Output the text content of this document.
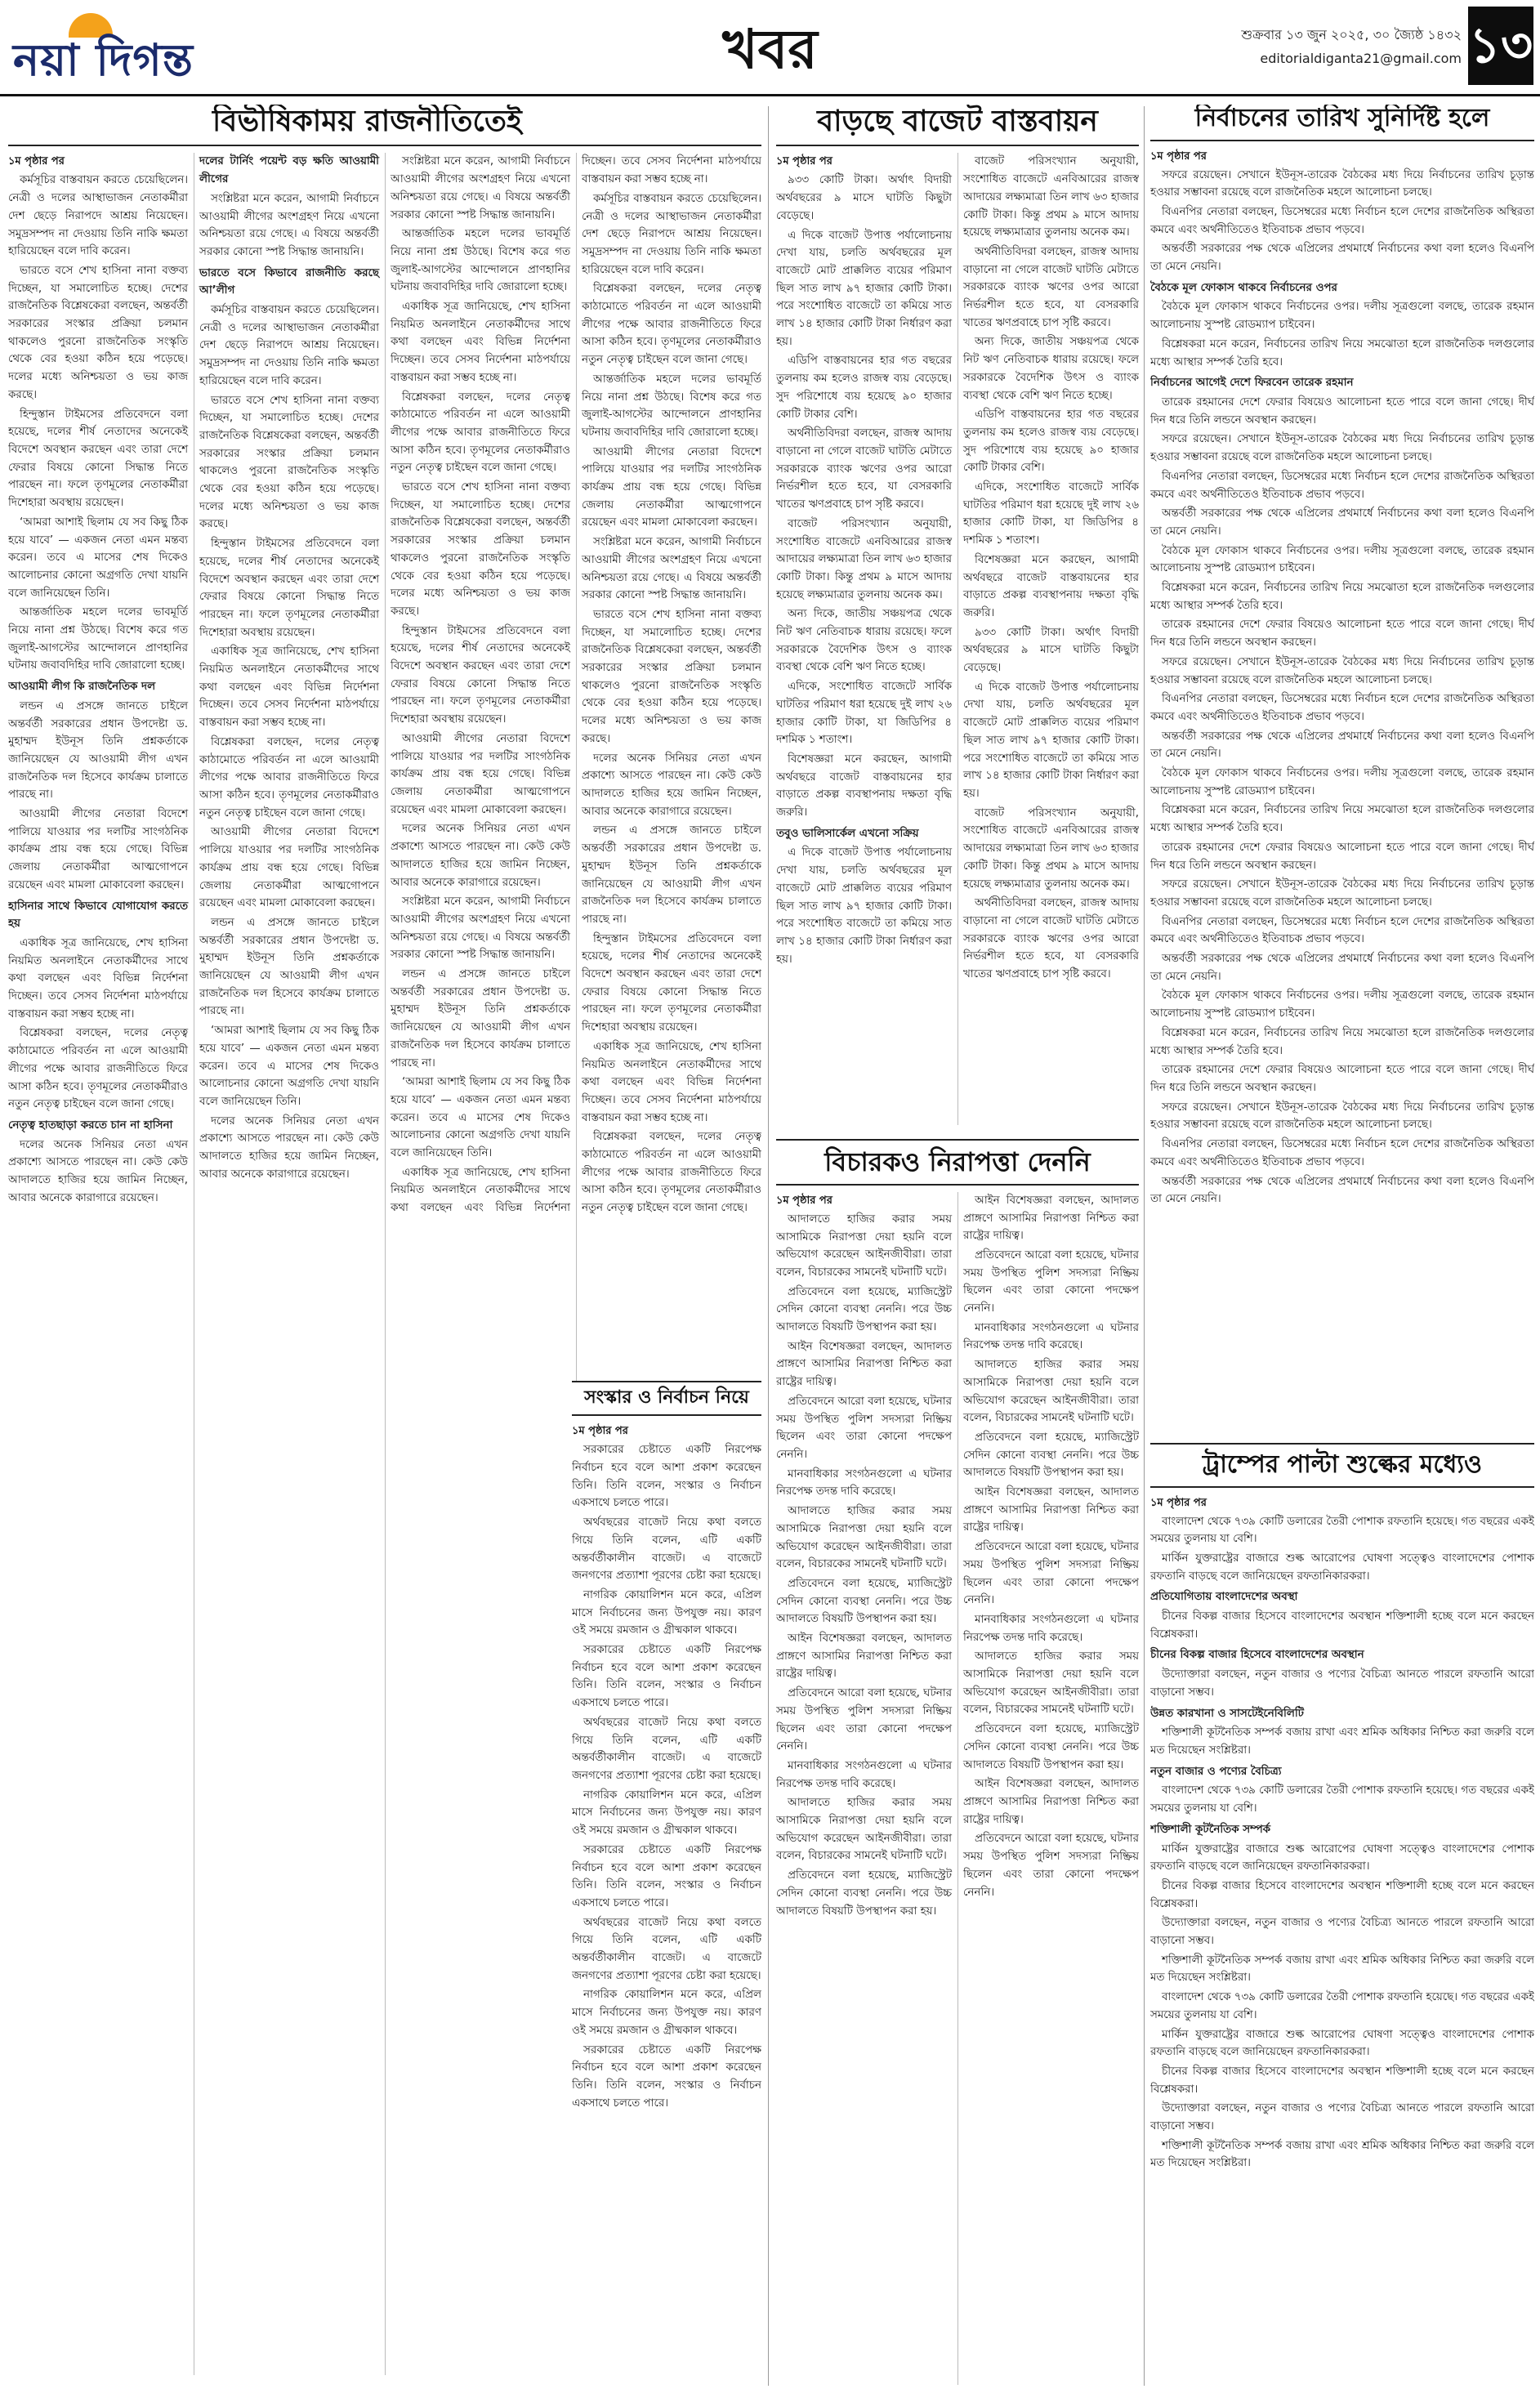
নয়া দিগন্ত	খবর	শুক্রবার ১৩ জুন ২০২৫, ৩০ জ্যৈষ্ঠ ১৪৩২
editorialdiganta21@gmail.com ১৩
বিভীষিকাময় রাজনীতিতেই
১ম পৃষ্ঠার পর

কর্মসূচির বাস্তবায়ন করতে চেয়েছিলেন। নেত্রী ও দলের আস্থাভাজন নেতাকর্মীরা দেশ ছেড়ে নিরাপদে আশ্রয় নিয়েছেন। সমুদ্রসম্পদ না দেওয়ায় তিনি নাকি ক্ষমতা হারিয়েছেন বলে দাবি করেন।

ভারতে বসে শেখ হাসিনা নানা বক্তব্য দিচ্ছেন, যা সমালোচিত হচ্ছে। দেশের রাজনৈতিক বিশ্লেষকেরা বলছেন, অন্তর্বর্তী সরকারের সংস্কার প্রক্রিয়া চলমান থাকলেও পুরনো রাজনৈতিক সংস্কৃতি থেকে বের হওয়া কঠিন হয়ে পড়েছে। দলের মধ্যে অনিশ্চয়তা ও ভয় কাজ করছে।

হিন্দুস্তান টাইমসের প্রতিবেদনে বলা হয়েছে, দলের শীর্ষ নেতাদের অনেকেই বিদেশে অবস্থান করছেন এবং তারা দেশে ফেরার বিষয়ে কোনো সিদ্ধান্ত নিতে পারছেন না। ফলে তৃণমূলের নেতাকর্মীরা দিশেহারা অবস্থায় রয়েছেন।

‘আমরা আশাই ছিলাম যে সব কিছু ঠিক হয়ে যাবে’ — একজন নেতা এমন মন্তব্য করেন। তবে এ মাসের শেষ দিকেও আলোচনার কোনো অগ্রগতি দেখা যায়নি বলে জানিয়েছেন তিনি।

আন্তর্জাতিক মহলে দলের ভাবমূর্তি নিয়ে নানা প্রশ্ন উঠছে। বিশেষ করে গত জুলাই-আগস্টের আন্দোলনে প্রাণহানির ঘটনায় জবাবদিহির দাবি জোরালো হচ্ছে।

আওয়ামী লীগ কি রাজনৈতিক দল

লন্ডন এ প্রসঙ্গে জানতে চাইলে অন্তর্বর্তী সরকারের প্রধান উপদেষ্টা ড. মুহাম্মদ ইউনূস তিনি প্রশ্নকর্তাকে জানিয়েছেন যে আওয়ামী লীগ এখন রাজনৈতিক দল হিসেবে কার্যক্রম চালাতে পারছে না।

আওয়ামী লীগের নেতারা বিদেশে পালিয়ে যাওয়ার পর দলটির সাংগঠনিক কার্যক্রম প্রায় বন্ধ হয়ে গেছে। বিভিন্ন জেলায় নেতাকর্মীরা আত্মগোপনে রয়েছেন এবং মামলা মোকাবেলা করছেন।

হাসিনার সাথে কিভাবে যোগাযোগ করতে হয়

একাধিক সূত্র জানিয়েছে, শেখ হাসিনা নিয়মিত অনলাইনে নেতাকর্মীদের সাথে কথা বলছেন এবং বিভিন্ন নির্দেশনা দিচ্ছেন। তবে সেসব নির্দেশনা মাঠপর্যায়ে বাস্তবায়ন করা সম্ভব হচ্ছে না।

বিশ্লেষকরা বলছেন, দলের নেতৃত্ব কাঠামোতে পরিবর্তন না এলে আওয়ামী লীগের পক্ষে আবার রাজনীতিতে ফিরে আসা কঠিন হবে। তৃণমূলের নেতাকর্মীরাও নতুন নেতৃত্ব চাইছেন বলে জানা গেছে।

নেতৃত্ব হাতছাড়া করতে চান না হাসিনা

দলের অনেক সিনিয়র নেতা এখন প্রকাশ্যে আসতে পারছেন না। কেউ কেউ আদালতে হাজির হয়ে জামিন নিচ্ছেন, আবার অনেকে কারাগারে রয়েছেন।

দলের টার্নিং পয়েন্ট বড় ক্ষতি আওয়ামী লীগের

সংশ্লিষ্টরা মনে করেন, আগামী নির্বাচনে আওয়ামী লীগের অংশগ্রহণ নিয়ে এখনো অনিশ্চয়তা রয়ে গেছে। এ বিষয়ে অন্তর্বর্তী সরকার কোনো স্পষ্ট সিদ্ধান্ত জানায়নি।

ভারতে বসে কিভাবে রাজনীতি করছে আ’লীগ

কর্মসূচির বাস্তবায়ন করতে চেয়েছিলেন। নেত্রী ও দলের আস্থাভাজন নেতাকর্মীরা দেশ ছেড়ে নিরাপদে আশ্রয় নিয়েছেন। সমুদ্রসম্পদ না দেওয়ায় তিনি নাকি ক্ষমতা হারিয়েছেন বলে দাবি করেন।

ভারতে বসে শেখ হাসিনা নানা বক্তব্য দিচ্ছেন, যা সমালোচিত হচ্ছে। দেশের রাজনৈতিক বিশ্লেষকেরা বলছেন, অন্তর্বর্তী সরকারের সংস্কার প্রক্রিয়া চলমান থাকলেও পুরনো রাজনৈতিক সংস্কৃতি থেকে বের হওয়া কঠিন হয়ে পড়েছে। দলের মধ্যে অনিশ্চয়তা ও ভয় কাজ করছে।

হিন্দুস্তান টাইমসের প্রতিবেদনে বলা হয়েছে, দলের শীর্ষ নেতাদের অনেকেই বিদেশে অবস্থান করছেন এবং তারা দেশে ফেরার বিষয়ে কোনো সিদ্ধান্ত নিতে পারছেন না। ফলে তৃণমূলের নেতাকর্মীরা দিশেহারা অবস্থায় রয়েছেন।

একাধিক সূত্র জানিয়েছে, শেখ হাসিনা নিয়মিত অনলাইনে নেতাকর্মীদের সাথে কথা বলছেন এবং বিভিন্ন নির্দেশনা দিচ্ছেন। তবে সেসব নির্দেশনা মাঠপর্যায়ে বাস্তবায়ন করা সম্ভব হচ্ছে না।

বিশ্লেষকরা বলছেন, দলের নেতৃত্ব কাঠামোতে পরিবর্তন না এলে আওয়ামী লীগের পক্ষে আবার রাজনীতিতে ফিরে আসা কঠিন হবে। তৃণমূলের নেতাকর্মীরাও নতুন নেতৃত্ব চাইছেন বলে জানা গেছে।

আওয়ামী লীগের নেতারা বিদেশে পালিয়ে যাওয়ার পর দলটির সাংগঠনিক কার্যক্রম প্রায় বন্ধ হয়ে গেছে। বিভিন্ন জেলায় নেতাকর্মীরা আত্মগোপনে রয়েছেন এবং মামলা মোকাবেলা করছেন।

লন্ডন এ প্রসঙ্গে জানতে চাইলে অন্তর্বর্তী সরকারের প্রধান উপদেষ্টা ড. মুহাম্মদ ইউনূস তিনি প্রশ্নকর্তাকে জানিয়েছেন যে আওয়ামী লীগ এখন রাজনৈতিক দল হিসেবে কার্যক্রম চালাতে পারছে না।

‘আমরা আশাই ছিলাম যে সব কিছু ঠিক হয়ে যাবে’ — একজন নেতা এমন মন্তব্য করেন। তবে এ মাসের শেষ দিকেও আলোচনার কোনো অগ্রগতি দেখা যায়নি বলে জানিয়েছেন তিনি।

দলের অনেক সিনিয়র নেতা এখন প্রকাশ্যে আসতে পারছেন না। কেউ কেউ আদালতে হাজির হয়ে জামিন নিচ্ছেন, আবার অনেকে কারাগারে রয়েছেন।

সংশ্লিষ্টরা মনে করেন, আগামী নির্বাচনে আওয়ামী লীগের অংশগ্রহণ নিয়ে এখনো অনিশ্চয়তা রয়ে গেছে। এ বিষয়ে অন্তর্বর্তী সরকার কোনো স্পষ্ট সিদ্ধান্ত জানায়নি।

আন্তর্জাতিক মহলে দলের ভাবমূর্তি নিয়ে নানা প্রশ্ন উঠছে। বিশেষ করে গত জুলাই-আগস্টের আন্দোলনে প্রাণহানির ঘটনায় জবাবদিহির দাবি জোরালো হচ্ছে।

একাধিক সূত্র জানিয়েছে, শেখ হাসিনা নিয়মিত অনলাইনে নেতাকর্মীদের সাথে কথা বলছেন এবং বিভিন্ন নির্দেশনা দিচ্ছেন। তবে সেসব নির্দেশনা মাঠপর্যায়ে বাস্তবায়ন করা সম্ভব হচ্ছে না।

বিশ্লেষকরা বলছেন, দলের নেতৃত্ব কাঠামোতে পরিবর্তন না এলে আওয়ামী লীগের পক্ষে আবার রাজনীতিতে ফিরে আসা কঠিন হবে। তৃণমূলের নেতাকর্মীরাও নতুন নেতৃত্ব চাইছেন বলে জানা গেছে।

ভারতে বসে শেখ হাসিনা নানা বক্তব্য দিচ্ছেন, যা সমালোচিত হচ্ছে। দেশের রাজনৈতিক বিশ্লেষকেরা বলছেন, অন্তর্বর্তী সরকারের সংস্কার প্রক্রিয়া চলমান থাকলেও পুরনো রাজনৈতিক সংস্কৃতি থেকে বের হওয়া কঠিন হয়ে পড়েছে। দলের মধ্যে অনিশ্চয়তা ও ভয় কাজ করছে।

হিন্দুস্তান টাইমসের প্রতিবেদনে বলা হয়েছে, দলের শীর্ষ নেতাদের অনেকেই বিদেশে অবস্থান করছেন এবং তারা দেশে ফেরার বিষয়ে কোনো সিদ্ধান্ত নিতে পারছেন না। ফলে তৃণমূলের নেতাকর্মীরা দিশেহারা অবস্থায় রয়েছেন।

আওয়ামী লীগের নেতারা বিদেশে পালিয়ে যাওয়ার পর দলটির সাংগঠনিক কার্যক্রম প্রায় বন্ধ হয়ে গেছে। বিভিন্ন জেলায় নেতাকর্মীরা আত্মগোপনে রয়েছেন এবং মামলা মোকাবেলা করছেন।

দলের অনেক সিনিয়র নেতা এখন প্রকাশ্যে আসতে পারছেন না। কেউ কেউ আদালতে হাজির হয়ে জামিন নিচ্ছেন, আবার অনেকে কারাগারে রয়েছেন।

সংশ্লিষ্টরা মনে করেন, আগামী নির্বাচনে আওয়ামী লীগের অংশগ্রহণ নিয়ে এখনো অনিশ্চয়তা রয়ে গেছে। এ বিষয়ে অন্তর্বর্তী সরকার কোনো স্পষ্ট সিদ্ধান্ত জানায়নি।

লন্ডন এ প্রসঙ্গে জানতে চাইলে অন্তর্বর্তী সরকারের প্রধান উপদেষ্টা ড. মুহাম্মদ ইউনূস তিনি প্রশ্নকর্তাকে জানিয়েছেন যে আওয়ামী লীগ এখন রাজনৈতিক দল হিসেবে কার্যক্রম চালাতে পারছে না।

‘আমরা আশাই ছিলাম যে সব কিছু ঠিক হয়ে যাবে’ — একজন নেতা এমন মন্তব্য করেন। তবে এ মাসের শেষ দিকেও আলোচনার কোনো অগ্রগতি দেখা যায়নি বলে জানিয়েছেন তিনি।

একাধিক সূত্র জানিয়েছে, শেখ হাসিনা নিয়মিত অনলাইনে নেতাকর্মীদের সাথে কথা বলছেন এবং বিভিন্ন নির্দেশনা দিচ্ছেন। তবে সেসব নির্দেশনা মাঠপর্যায়ে বাস্তবায়ন করা সম্ভব হচ্ছে না।

কর্মসূচির বাস্তবায়ন করতে চেয়েছিলেন। নেত্রী ও দলের আস্থাভাজন নেতাকর্মীরা দেশ ছেড়ে নিরাপদে আশ্রয় নিয়েছেন। সমুদ্রসম্পদ না দেওয়ায় তিনি নাকি ক্ষমতা হারিয়েছেন বলে দাবি করেন।

বিশ্লেষকরা বলছেন, দলের নেতৃত্ব কাঠামোতে পরিবর্তন না এলে আওয়ামী লীগের পক্ষে আবার রাজনীতিতে ফিরে আসা কঠিন হবে। তৃণমূলের নেতাকর্মীরাও নতুন নেতৃত্ব চাইছেন বলে জানা গেছে।

আন্তর্জাতিক মহলে দলের ভাবমূর্তি নিয়ে নানা প্রশ্ন উঠছে। বিশেষ করে গত জুলাই-আগস্টের আন্দোলনে প্রাণহানির ঘটনায় জবাবদিহির দাবি জোরালো হচ্ছে।

আওয়ামী লীগের নেতারা বিদেশে পালিয়ে যাওয়ার পর দলটির সাংগঠনিক কার্যক্রম প্রায় বন্ধ হয়ে গেছে। বিভিন্ন জেলায় নেতাকর্মীরা আত্মগোপনে রয়েছেন এবং মামলা মোকাবেলা করছেন।

সংশ্লিষ্টরা মনে করেন, আগামী নির্বাচনে আওয়ামী লীগের অংশগ্রহণ নিয়ে এখনো অনিশ্চয়তা রয়ে গেছে। এ বিষয়ে অন্তর্বর্তী সরকার কোনো স্পষ্ট সিদ্ধান্ত জানায়নি।

ভারতে বসে শেখ হাসিনা নানা বক্তব্য দিচ্ছেন, যা সমালোচিত হচ্ছে। দেশের রাজনৈতিক বিশ্লেষকেরা বলছেন, অন্তর্বর্তী সরকারের সংস্কার প্রক্রিয়া চলমান থাকলেও পুরনো রাজনৈতিক সংস্কৃতি থেকে বের হওয়া কঠিন হয়ে পড়েছে। দলের মধ্যে অনিশ্চয়তা ও ভয় কাজ করছে।

দলের অনেক সিনিয়র নেতা এখন প্রকাশ্যে আসতে পারছেন না। কেউ কেউ আদালতে হাজির হয়ে জামিন নিচ্ছেন, আবার অনেকে কারাগারে রয়েছেন।

লন্ডন এ প্রসঙ্গে জানতে চাইলে অন্তর্বর্তী সরকারের প্রধান উপদেষ্টা ড. মুহাম্মদ ইউনূস তিনি প্রশ্নকর্তাকে জানিয়েছেন যে আওয়ামী লীগ এখন রাজনৈতিক দল হিসেবে কার্যক্রম চালাতে পারছে না।

হিন্দুস্তান টাইমসের প্রতিবেদনে বলা হয়েছে, দলের শীর্ষ নেতাদের অনেকেই বিদেশে অবস্থান করছেন এবং তারা দেশে ফেরার বিষয়ে কোনো সিদ্ধান্ত নিতে পারছেন না। ফলে তৃণমূলের নেতাকর্মীরা দিশেহারা অবস্থায় রয়েছেন।

একাধিক সূত্র জানিয়েছে, শেখ হাসিনা নিয়মিত অনলাইনে নেতাকর্মীদের সাথে কথা বলছেন এবং বিভিন্ন নির্দেশনা দিচ্ছেন। তবে সেসব নির্দেশনা মাঠপর্যায়ে বাস্তবায়ন করা সম্ভব হচ্ছে না।

বিশ্লেষকরা বলছেন, দলের নেতৃত্ব কাঠামোতে পরিবর্তন না এলে আওয়ামী লীগের পক্ষে আবার রাজনীতিতে ফিরে আসা কঠিন হবে। তৃণমূলের নেতাকর্মীরাও নতুন নেতৃত্ব চাইছেন বলে জানা গেছে।

বাড়ছে বাজেট বাস্তবায়ন
১ম পৃষ্ঠার পর

৯৩৩ কোটি টাকা। অর্থাৎ বিদায়ী অর্থবছরের ৯ মাসে ঘাটতি কিছুটা বেড়েছে।

এ দিকে বাজেট উপাত্ত পর্যালোচনায় দেখা যায়, চলতি অর্থবছরের মূল বাজেটে মোট প্রাক্কলিত ব্যয়ের পরিমাণ ছিল সাত লাখ ৯৭ হাজার কোটি টাকা। পরে সংশোধিত বাজেটে তা কমিয়ে সাত লাখ ১৪ হাজার কোটি টাকা নির্ধারণ করা হয়।

এডিপি বাস্তবায়নের হার গত বছরের তুলনায় কম হলেও রাজস্ব ব্যয় বেড়েছে। সুদ পরিশোধে ব্যয় হয়েছে ৯০ হাজার কোটি টাকার বেশি।

অর্থনীতিবিদরা বলছেন, রাজস্ব আদায় বাড়ানো না গেলে বাজেট ঘাটতি মেটাতে সরকারকে ব্যাংক ঋণের ওপর আরো নির্ভরশীল হতে হবে, যা বেসরকারি খাতের ঋণপ্রবাহে চাপ সৃষ্টি করবে।

বাজেট পরিসংখ্যান অনুযায়ী, সংশোধিত বাজেটে এনবিআরের রাজস্ব আদায়ের লক্ষ্যমাত্রা তিন লাখ ৬৩ হাজার কোটি টাকা। কিন্তু প্রথম ৯ মাসে আদায় হয়েছে লক্ষ্যমাত্রার তুলনায় অনেক কম।

অন্য দিকে, জাতীয় সঞ্চয়পত্র থেকে নিট ঋণ নেতিবাচক ধারায় রয়েছে। ফলে সরকারকে বৈদেশিক উৎস ও ব্যাংক ব্যবস্থা থেকে বেশি ঋণ নিতে হচ্ছে।

এদিকে, সংশোধিত বাজেটে সার্বিক ঘাটতির পরিমাণ ধরা হয়েছে দুই লাখ ২৬ হাজার কোটি টাকা, যা জিডিপির ৪ দশমিক ১ শতাংশ।

বিশেষজ্ঞরা মনে করছেন, আগামী অর্থবছরে বাজেট বাস্তবায়নের হার বাড়াতে প্রকল্প ব্যবস্থাপনায় দক্ষতা বৃদ্ধি জরুরি।

তবুও ভালিসার্কেল এখনো সক্রিয়

এ দিকে বাজেট উপাত্ত পর্যালোচনায় দেখা যায়, চলতি অর্থবছরের মূল বাজেটে মোট প্রাক্কলিত ব্যয়ের পরিমাণ ছিল সাত লাখ ৯৭ হাজার কোটি টাকা। পরে সংশোধিত বাজেটে তা কমিয়ে সাত লাখ ১৪ হাজার কোটি টাকা নির্ধারণ করা হয়।

বাজেট পরিসংখ্যান অনুযায়ী, সংশোধিত বাজেটে এনবিআরের রাজস্ব আদায়ের লক্ষ্যমাত্রা তিন লাখ ৬৩ হাজার কোটি টাকা। কিন্তু প্রথম ৯ মাসে আদায় হয়েছে লক্ষ্যমাত্রার তুলনায় অনেক কম।

অর্থনীতিবিদরা বলছেন, রাজস্ব আদায় বাড়ানো না গেলে বাজেট ঘাটতি মেটাতে সরকারকে ব্যাংক ঋণের ওপর আরো নির্ভরশীল হতে হবে, যা বেসরকারি খাতের ঋণপ্রবাহে চাপ সৃষ্টি করবে।

অন্য দিকে, জাতীয় সঞ্চয়পত্র থেকে নিট ঋণ নেতিবাচক ধারায় রয়েছে। ফলে সরকারকে বৈদেশিক উৎস ও ব্যাংক ব্যবস্থা থেকে বেশি ঋণ নিতে হচ্ছে।

এডিপি বাস্তবায়নের হার গত বছরের তুলনায় কম হলেও রাজস্ব ব্যয় বেড়েছে। সুদ পরিশোধে ব্যয় হয়েছে ৯০ হাজার কোটি টাকার বেশি।

এদিকে, সংশোধিত বাজেটে সার্বিক ঘাটতির পরিমাণ ধরা হয়েছে দুই লাখ ২৬ হাজার কোটি টাকা, যা জিডিপির ৪ দশমিক ১ শতাংশ।

বিশেষজ্ঞরা মনে করছেন, আগামী অর্থবছরে বাজেট বাস্তবায়নের হার বাড়াতে প্রকল্প ব্যবস্থাপনায় দক্ষতা বৃদ্ধি জরুরি।

৯৩৩ কোটি টাকা। অর্থাৎ বিদায়ী অর্থবছরের ৯ মাসে ঘাটতি কিছুটা বেড়েছে।

এ দিকে বাজেট উপাত্ত পর্যালোচনায় দেখা যায়, চলতি অর্থবছরের মূল বাজেটে মোট প্রাক্কলিত ব্যয়ের পরিমাণ ছিল সাত লাখ ৯৭ হাজার কোটি টাকা। পরে সংশোধিত বাজেটে তা কমিয়ে সাত লাখ ১৪ হাজার কোটি টাকা নির্ধারণ করা হয়।

বাজেট পরিসংখ্যান অনুযায়ী, সংশোধিত বাজেটে এনবিআরের রাজস্ব আদায়ের লক্ষ্যমাত্রা তিন লাখ ৬৩ হাজার কোটি টাকা। কিন্তু প্রথম ৯ মাসে আদায় হয়েছে লক্ষ্যমাত্রার তুলনায় অনেক কম।

অর্থনীতিবিদরা বলছেন, রাজস্ব আদায় বাড়ানো না গেলে বাজেট ঘাটতি মেটাতে সরকারকে ব্যাংক ঋণের ওপর আরো নির্ভরশীল হতে হবে, যা বেসরকারি খাতের ঋণপ্রবাহে চাপ সৃষ্টি করবে।

সংস্কার ও নির্বাচন নিয়ে
১ম পৃষ্ঠার পর

সরকারের চেষ্টাতে একটি নিরপেক্ষ নির্বাচন হবে বলে আশা প্রকাশ করেছেন তিনি। তিনি বলেন, সংস্কার ও নির্বাচন একসাথে চলতে পারে।

অর্থবছরের বাজেট নিয়ে কথা বলতে গিয়ে তিনি বলেন, এটি একটি অন্তর্বর্তীকালীন বাজেট। এ বাজেটে জনগণের প্রত্যাশা পূরণের চেষ্টা করা হয়েছে।

নাগরিক কোয়ালিশন মনে করে, এপ্রিল মাসে নির্বাচনের জন্য উপযুক্ত নয়। কারণ ওই সময়ে রমজান ও গ্রীষ্মকাল থাকবে।

সরকারের চেষ্টাতে একটি নিরপেক্ষ নির্বাচন হবে বলে আশা প্রকাশ করেছেন তিনি। তিনি বলেন, সংস্কার ও নির্বাচন একসাথে চলতে পারে।

অর্থবছরের বাজেট নিয়ে কথা বলতে গিয়ে তিনি বলেন, এটি একটি অন্তর্বর্তীকালীন বাজেট। এ বাজেটে জনগণের প্রত্যাশা পূরণের চেষ্টা করা হয়েছে।

নাগরিক কোয়ালিশন মনে করে, এপ্রিল মাসে নির্বাচনের জন্য উপযুক্ত নয়। কারণ ওই সময়ে রমজান ও গ্রীষ্মকাল থাকবে।

সরকারের চেষ্টাতে একটি নিরপেক্ষ নির্বাচন হবে বলে আশা প্রকাশ করেছেন তিনি। তিনি বলেন, সংস্কার ও নির্বাচন একসাথে চলতে পারে।

অর্থবছরের বাজেট নিয়ে কথা বলতে গিয়ে তিনি বলেন, এটি একটি অন্তর্বর্তীকালীন বাজেট। এ বাজেটে জনগণের প্রত্যাশা পূরণের চেষ্টা করা হয়েছে।

নাগরিক কোয়ালিশন মনে করে, এপ্রিল মাসে নির্বাচনের জন্য উপযুক্ত নয়। কারণ ওই সময়ে রমজান ও গ্রীষ্মকাল থাকবে।

সরকারের চেষ্টাতে একটি নিরপেক্ষ নির্বাচন হবে বলে আশা প্রকাশ করেছেন তিনি। তিনি বলেন, সংস্কার ও নির্বাচন একসাথে চলতে পারে।

বিচারকও নিরাপত্তা দেননি
১ম পৃষ্ঠার পর

আদালতে হাজির করার সময় আসামিকে নিরাপত্তা দেয়া হয়নি বলে অভিযোগ করেছেন আইনজীবীরা। তারা বলেন, বিচারকের সামনেই ঘটনাটি ঘটে।

প্রতিবেদনে বলা হয়েছে, ম্যাজিস্ট্রেট সেদিন কোনো ব্যবস্থা নেননি। পরে উচ্চ আদালতে বিষয়টি উপস্থাপন করা হয়।

আইন বিশেষজ্ঞরা বলছেন, আদালত প্রাঙ্গণে আসামির নিরাপত্তা নিশ্চিত করা রাষ্ট্রের দায়িত্ব।

প্রতিবেদনে আরো বলা হয়েছে, ঘটনার সময় উপস্থিত পুলিশ সদস্যরা নিষ্ক্রিয় ছিলেন এবং তারা কোনো পদক্ষেপ নেননি।

মানবাধিকার সংগঠনগুলো এ ঘটনার নিরপেক্ষ তদন্ত দাবি করেছে।

আদালতে হাজির করার সময় আসামিকে নিরাপত্তা দেয়া হয়নি বলে অভিযোগ করেছেন আইনজীবীরা। তারা বলেন, বিচারকের সামনেই ঘটনাটি ঘটে।

প্রতিবেদনে বলা হয়েছে, ম্যাজিস্ট্রেট সেদিন কোনো ব্যবস্থা নেননি। পরে উচ্চ আদালতে বিষয়টি উপস্থাপন করা হয়।

আইন বিশেষজ্ঞরা বলছেন, আদালত প্রাঙ্গণে আসামির নিরাপত্তা নিশ্চিত করা রাষ্ট্রের দায়িত্ব।

প্রতিবেদনে আরো বলা হয়েছে, ঘটনার সময় উপস্থিত পুলিশ সদস্যরা নিষ্ক্রিয় ছিলেন এবং তারা কোনো পদক্ষেপ নেননি।

মানবাধিকার সংগঠনগুলো এ ঘটনার নিরপেক্ষ তদন্ত দাবি করেছে।

আদালতে হাজির করার সময় আসামিকে নিরাপত্তা দেয়া হয়নি বলে অভিযোগ করেছেন আইনজীবীরা। তারা বলেন, বিচারকের সামনেই ঘটনাটি ঘটে।

প্রতিবেদনে বলা হয়েছে, ম্যাজিস্ট্রেট সেদিন কোনো ব্যবস্থা নেননি। পরে উচ্চ আদালতে বিষয়টি উপস্থাপন করা হয়।

আইন বিশেষজ্ঞরা বলছেন, আদালত প্রাঙ্গণে আসামির নিরাপত্তা নিশ্চিত করা রাষ্ট্রের দায়িত্ব।

প্রতিবেদনে আরো বলা হয়েছে, ঘটনার সময় উপস্থিত পুলিশ সদস্যরা নিষ্ক্রিয় ছিলেন এবং তারা কোনো পদক্ষেপ নেননি।

মানবাধিকার সংগঠনগুলো এ ঘটনার নিরপেক্ষ তদন্ত দাবি করেছে।

আদালতে হাজির করার সময় আসামিকে নিরাপত্তা দেয়া হয়নি বলে অভিযোগ করেছেন আইনজীবীরা। তারা বলেন, বিচারকের সামনেই ঘটনাটি ঘটে।

প্রতিবেদনে বলা হয়েছে, ম্যাজিস্ট্রেট সেদিন কোনো ব্যবস্থা নেননি। পরে উচ্চ আদালতে বিষয়টি উপস্থাপন করা হয়।

আইন বিশেষজ্ঞরা বলছেন, আদালত প্রাঙ্গণে আসামির নিরাপত্তা নিশ্চিত করা রাষ্ট্রের দায়িত্ব।

প্রতিবেদনে আরো বলা হয়েছে, ঘটনার সময় উপস্থিত পুলিশ সদস্যরা নিষ্ক্রিয় ছিলেন এবং তারা কোনো পদক্ষেপ নেননি।

মানবাধিকার সংগঠনগুলো এ ঘটনার নিরপেক্ষ তদন্ত দাবি করেছে।

আদালতে হাজির করার সময় আসামিকে নিরাপত্তা দেয়া হয়নি বলে অভিযোগ করেছেন আইনজীবীরা। তারা বলেন, বিচারকের সামনেই ঘটনাটি ঘটে।

প্রতিবেদনে বলা হয়েছে, ম্যাজিস্ট্রেট সেদিন কোনো ব্যবস্থা নেননি। পরে উচ্চ আদালতে বিষয়টি উপস্থাপন করা হয়।

আইন বিশেষজ্ঞরা বলছেন, আদালত প্রাঙ্গণে আসামির নিরাপত্তা নিশ্চিত করা রাষ্ট্রের দায়িত্ব।

প্রতিবেদনে আরো বলা হয়েছে, ঘটনার সময় উপস্থিত পুলিশ সদস্যরা নিষ্ক্রিয় ছিলেন এবং তারা কোনো পদক্ষেপ নেননি।

নির্বাচনের তারিখ সুনির্দিষ্ট হলে
১ম পৃষ্ঠার পর

সফরে রয়েছেন। সেখানে ইউনূস-তারেক বৈঠকের মধ্য দিয়ে নির্বাচনের তারিখ চূড়ান্ত হওয়ার সম্ভাবনা রয়েছে বলে রাজনৈতিক মহলে আলোচনা চলছে।

বিএনপির নেতারা বলছেন, ডিসেম্বরের মধ্যে নির্বাচন হলে দেশের রাজনৈতিক অস্থিরতা কমবে এবং অর্থনীতিতেও ইতিবাচক প্রভাব পড়বে।

অন্তর্বর্তী সরকারের পক্ষ থেকে এপ্রিলের প্রথমার্ধে নির্বাচনের কথা বলা হলেও বিএনপি তা মেনে নেয়নি।

বৈঠকে মূল ফোকাস থাকবে নির্বাচনের ওপর

বৈঠকে মূল ফোকাস থাকবে নির্বাচনের ওপর। দলীয় সূত্রগুলো বলছে, তারেক রহমান আলোচনায় সুস্পষ্ট রোডম্যাপ চাইবেন।

বিশ্লেষকরা মনে করেন, নির্বাচনের তারিখ নিয়ে সমঝোতা হলে রাজনৈতিক দলগুলোর মধ্যে আস্থার সম্পর্ক তৈরি হবে।

নির্বাচনের আগেই দেশে ফিরবেন তারেক রহমান

তারেক রহমানের দেশে ফেরার বিষয়েও আলোচনা হতে পারে বলে জানা গেছে। দীর্ঘ দিন ধরে তিনি লন্ডনে অবস্থান করছেন।

সফরে রয়েছেন। সেখানে ইউনূস-তারেক বৈঠকের মধ্য দিয়ে নির্বাচনের তারিখ চূড়ান্ত হওয়ার সম্ভাবনা রয়েছে বলে রাজনৈতিক মহলে আলোচনা চলছে।

বিএনপির নেতারা বলছেন, ডিসেম্বরের মধ্যে নির্বাচন হলে দেশের রাজনৈতিক অস্থিরতা কমবে এবং অর্থনীতিতেও ইতিবাচক প্রভাব পড়বে।

অন্তর্বর্তী সরকারের পক্ষ থেকে এপ্রিলের প্রথমার্ধে নির্বাচনের কথা বলা হলেও বিএনপি তা মেনে নেয়নি।

বৈঠকে মূল ফোকাস থাকবে নির্বাচনের ওপর। দলীয় সূত্রগুলো বলছে, তারেক রহমান আলোচনায় সুস্পষ্ট রোডম্যাপ চাইবেন।

বিশ্লেষকরা মনে করেন, নির্বাচনের তারিখ নিয়ে সমঝোতা হলে রাজনৈতিক দলগুলোর মধ্যে আস্থার সম্পর্ক তৈরি হবে।

তারেক রহমানের দেশে ফেরার বিষয়েও আলোচনা হতে পারে বলে জানা গেছে। দীর্ঘ দিন ধরে তিনি লন্ডনে অবস্থান করছেন।

সফরে রয়েছেন। সেখানে ইউনূস-তারেক বৈঠকের মধ্য দিয়ে নির্বাচনের তারিখ চূড়ান্ত হওয়ার সম্ভাবনা রয়েছে বলে রাজনৈতিক মহলে আলোচনা চলছে।

বিএনপির নেতারা বলছেন, ডিসেম্বরের মধ্যে নির্বাচন হলে দেশের রাজনৈতিক অস্থিরতা কমবে এবং অর্থনীতিতেও ইতিবাচক প্রভাব পড়বে।

অন্তর্বর্তী সরকারের পক্ষ থেকে এপ্রিলের প্রথমার্ধে নির্বাচনের কথা বলা হলেও বিএনপি তা মেনে নেয়নি।

বৈঠকে মূল ফোকাস থাকবে নির্বাচনের ওপর। দলীয় সূত্রগুলো বলছে, তারেক রহমান আলোচনায় সুস্পষ্ট রোডম্যাপ চাইবেন।

বিশ্লেষকরা মনে করেন, নির্বাচনের তারিখ নিয়ে সমঝোতা হলে রাজনৈতিক দলগুলোর মধ্যে আস্থার সম্পর্ক তৈরি হবে।

তারেক রহমানের দেশে ফেরার বিষয়েও আলোচনা হতে পারে বলে জানা গেছে। দীর্ঘ দিন ধরে তিনি লন্ডনে অবস্থান করছেন।

সফরে রয়েছেন। সেখানে ইউনূস-তারেক বৈঠকের মধ্য দিয়ে নির্বাচনের তারিখ চূড়ান্ত হওয়ার সম্ভাবনা রয়েছে বলে রাজনৈতিক মহলে আলোচনা চলছে।

বিএনপির নেতারা বলছেন, ডিসেম্বরের মধ্যে নির্বাচন হলে দেশের রাজনৈতিক অস্থিরতা কমবে এবং অর্থনীতিতেও ইতিবাচক প্রভাব পড়বে।

অন্তর্বর্তী সরকারের পক্ষ থেকে এপ্রিলের প্রথমার্ধে নির্বাচনের কথা বলা হলেও বিএনপি তা মেনে নেয়নি।

বৈঠকে মূল ফোকাস থাকবে নির্বাচনের ওপর। দলীয় সূত্রগুলো বলছে, তারেক রহমান আলোচনায় সুস্পষ্ট রোডম্যাপ চাইবেন।

বিশ্লেষকরা মনে করেন, নির্বাচনের তারিখ নিয়ে সমঝোতা হলে রাজনৈতিক দলগুলোর মধ্যে আস্থার সম্পর্ক তৈরি হবে।

তারেক রহমানের দেশে ফেরার বিষয়েও আলোচনা হতে পারে বলে জানা গেছে। দীর্ঘ দিন ধরে তিনি লন্ডনে অবস্থান করছেন।

সফরে রয়েছেন। সেখানে ইউনূস-তারেক বৈঠকের মধ্য দিয়ে নির্বাচনের তারিখ চূড়ান্ত হওয়ার সম্ভাবনা রয়েছে বলে রাজনৈতিক মহলে আলোচনা চলছে।

বিএনপির নেতারা বলছেন, ডিসেম্বরের মধ্যে নির্বাচন হলে দেশের রাজনৈতিক অস্থিরতা কমবে এবং অর্থনীতিতেও ইতিবাচক প্রভাব পড়বে।

অন্তর্বর্তী সরকারের পক্ষ থেকে এপ্রিলের প্রথমার্ধে নির্বাচনের কথা বলা হলেও বিএনপি তা মেনে নেয়নি।

ট্রাম্পের পাল্টা শুল্কের মধ্যেও
১ম পৃষ্ঠার পর

বাংলাদেশ থেকে ৭৩৯ কোটি ডলারের তৈরী পোশাক রফতানি হয়েছে। গত বছরের একই সময়ের তুলনায় যা বেশি।

মার্কিন যুক্তরাষ্ট্রের বাজারে শুল্ক আরোপের ঘোষণা সত্ত্বেও বাংলাদেশের পোশাক রফতানি বাড়ছে বলে জানিয়েছেন রফতানিকারকরা।

প্রতিযোগিতায় বাংলাদেশের অবস্থা

চীনের বিকল্প বাজার হিসেবে বাংলাদেশের অবস্থান শক্তিশালী হচ্ছে বলে মনে করছেন বিশ্লেষকরা।

চীনের বিকল্প বাজার হিসেবে বাংলাদেশের অবস্থান

উদ্যোক্তারা বলছেন, নতুন বাজার ও পণ্যের বৈচিত্র্য আনতে পারলে রফতানি আরো বাড়ানো সম্ভব।

উন্নত কারখানা ও সাসটেইনেবিলিটি

শক্তিশালী কূটনৈতিক সম্পর্ক বজায় রাখা এবং শ্রমিক অধিকার নিশ্চিত করা জরুরি বলে মত দিয়েছেন সংশ্লিষ্টরা।

নতুন বাজার ও পণ্যের বৈচিত্র্য

বাংলাদেশ থেকে ৭৩৯ কোটি ডলারের তৈরী পোশাক রফতানি হয়েছে। গত বছরের একই সময়ের তুলনায় যা বেশি।

শক্তিশালী কূটনৈতিক সম্পর্ক

মার্কিন যুক্তরাষ্ট্রের বাজারে শুল্ক আরোপের ঘোষণা সত্ত্বেও বাংলাদেশের পোশাক রফতানি বাড়ছে বলে জানিয়েছেন রফতানিকারকরা।

চীনের বিকল্প বাজার হিসেবে বাংলাদেশের অবস্থান শক্তিশালী হচ্ছে বলে মনে করছেন বিশ্লেষকরা।

উদ্যোক্তারা বলছেন, নতুন বাজার ও পণ্যের বৈচিত্র্য আনতে পারলে রফতানি আরো বাড়ানো সম্ভব।

শক্তিশালী কূটনৈতিক সম্পর্ক বজায় রাখা এবং শ্রমিক অধিকার নিশ্চিত করা জরুরি বলে মত দিয়েছেন সংশ্লিষ্টরা।

বাংলাদেশ থেকে ৭৩৯ কোটি ডলারের তৈরী পোশাক রফতানি হয়েছে। গত বছরের একই সময়ের তুলনায় যা বেশি।

মার্কিন যুক্তরাষ্ট্রের বাজারে শুল্ক আরোপের ঘোষণা সত্ত্বেও বাংলাদেশের পোশাক রফতানি বাড়ছে বলে জানিয়েছেন রফতানিকারকরা।

চীনের বিকল্প বাজার হিসেবে বাংলাদেশের অবস্থান শক্তিশালী হচ্ছে বলে মনে করছেন বিশ্লেষকরা।

উদ্যোক্তারা বলছেন, নতুন বাজার ও পণ্যের বৈচিত্র্য আনতে পারলে রফতানি আরো বাড়ানো সম্ভব।

শক্তিশালী কূটনৈতিক সম্পর্ক বজায় রাখা এবং শ্রমিক অধিকার নিশ্চিত করা জরুরি বলে মত দিয়েছেন সংশ্লিষ্টরা।
